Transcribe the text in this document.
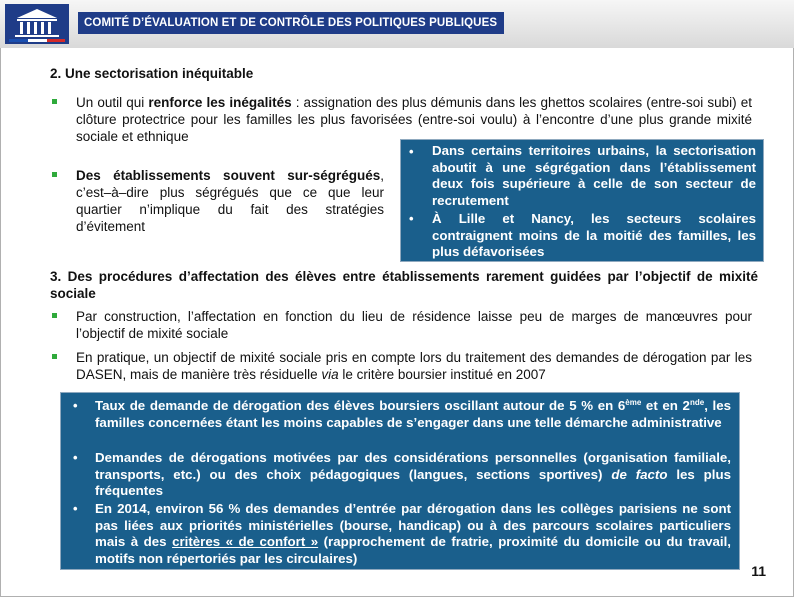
COMITÉ D’ÉVALUATION ET DE CONTRÔLE DES POLITIQUES PUBLIQUES
2. Une sectorisation inéquitable
Un outil qui renforce les inégalités : assignation des plus démunis dans les ghettos scolaires (entre-soi subi) et clôture protectrice pour les familles les plus favorisées (entre-soi voulu) à l’encontre d’une plus grande mixité sociale et ethnique
Des établissements souvent sur-ségrégués, c’est–à–dire plus ségrégués que ce que leur quartier n’implique du fait des stratégies d’évitement
• Dans certains territoires urbains, la sectorisation aboutit à une ségrégation dans l’établissement deux fois supérieure à celle de son secteur de recrutement
• À Lille et Nancy, les secteurs scolaires contraignent moins de la moitié des familles, les plus défavorisées
3. Des procédures d’affectation des élèves entre établissements rarement guidées par l’objectif de mixité sociale
Par construction, l’affectation en fonction du lieu de résidence laisse peu de marges de manœuvres pour l’objectif de mixité sociale
En pratique, un objectif de mixité sociale pris en compte lors du traitement des demandes de dérogation par les DASEN, mais de manière très résiduelle via le critère boursier institué en 2007
• Taux de demande de dérogation des élèves boursiers oscillant autour de 5 % en 6ème et en 2nde, les familles concernées étant les moins capables de s’engager dans une telle démarche administrative
• Demandes de dérogations motivées par des considérations personnelles (organisation familiale, transports, etc.) ou des choix pédagogiques (langues, sections sportives) de facto les plus fréquentes
• En 2014, environ 56 % des demandes d’entrée par dérogation dans les collèges parisiens ne sont pas liées aux priorités ministérielles (bourse, handicap) ou à des parcours scolaires particuliers mais à des critères « de confort » (rapprochement de fratrie, proximité du domicile ou du travail, motifs non répertoriés par les circulaires)
11
